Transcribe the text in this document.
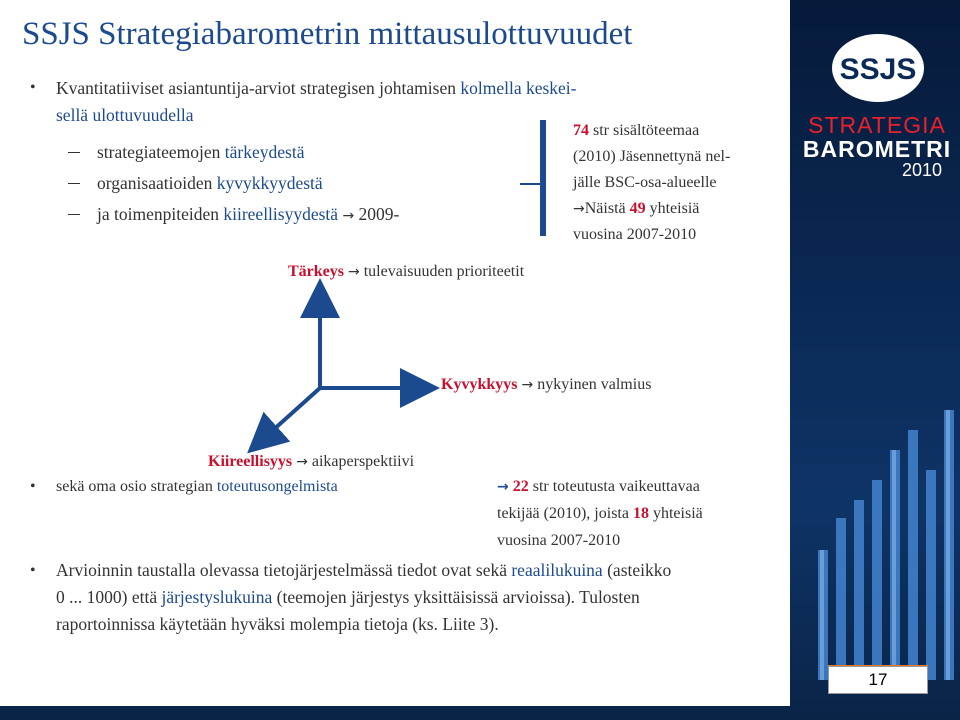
SSJS Strategiabarometrin mittausulottuvuudet
• Kvantitatiiviset asiantuntija-arviot strategisen johtamisen kolmella keskei-
sellä ulottuvuudella
strategiateemojen tärkeydestä
organisaatioiden kyvykkyydestä
ja toimenpiteiden kiireellisyydestä → 2009-
74 str sisältöteemaa
(2010) Jäsennettynä nel-
jälle BSC-osa-alueelle
→Näistä 49 yhteisiä
vuosina 2007-2010
Tärkeys → tulevaisuuden prioriteetit
Kyvykkyys → nykyinen valmius
Kiireellisyys → aikaperspektiivi
• sekä oma osio strategian toteutusongelmista	→ 22 str toteutusta vaikeuttavaa
tekijää (2010), joista 18 yhteisiä
vuosina 2007-2010
• Arvioinnin taustalla olevassa tietojärjestelmässä tiedot ovat sekä reaalilukuina (asteikko
0 ... 1000) että järjestyslukuina (teemojen järjestys yksittäisissä arvioissa). Tulosten
raportoinnissa käytetään hyväksi molempia tietoja (ks. Liite 3).
SSJS
STRATEGIA
BAROMETRI
2010
17
